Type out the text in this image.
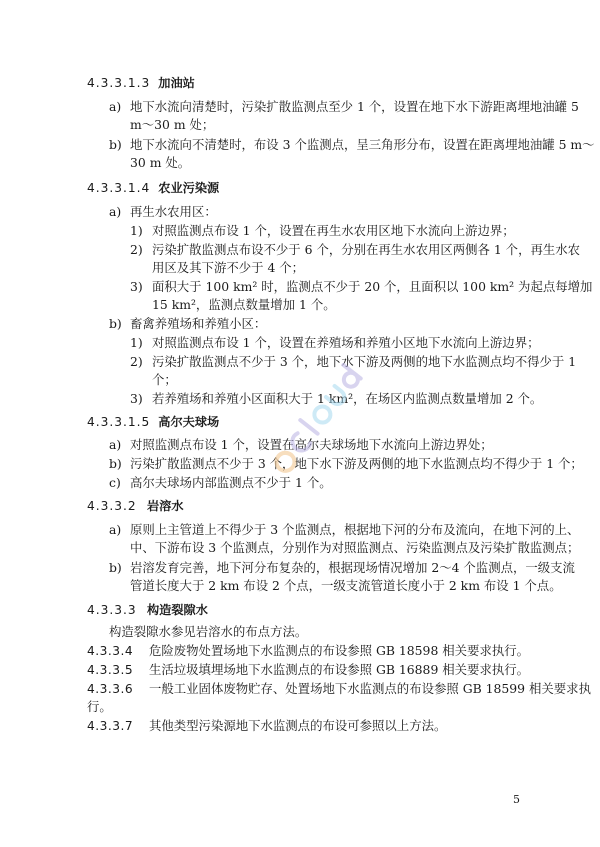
4.3.3.1.3 加油站
a) 地下水流向清楚时，污染扩散监测点至少 1 个，设置在地下水下游距离埋地油罐 5
m～30 m 处；
b) 地下水流向不清楚时，布设 3 个监测点，呈三角形分布，设置在距离埋地油罐 5 m～
30 m 处。
4.3.3.1.4 农业污染源
a) 再生水农用区：
1) 对照监测点布设 1 个，设置在再生水农用区地下水流向上游边界；
2) 污染扩散监测点布设不少于 6 个，分别在再生水农用区两侧各 1 个，再生水农
用区及其下游不少于 4 个；
3) 面积大于 100 km² 时，监测点不少于 20 个，且面积以 100 km² 为起点每增加
15 km²，监测点数量增加 1 个。
b) 畜禽养殖场和养殖小区：
1) 对照监测点布设 1 个，设置在养殖场和养殖小区地下水流向上游边界；
2) 污染扩散监测点不少于 3 个，地下水下游及两侧的地下水监测点均不得少于 1
个；
3) 若养殖场和养殖小区面积大于 1 km²，在场区内监测点数量增加 2 个。
4.3.3.1.5 高尔夫球场
a) 对照监测点布设 1 个，设置在高尔夫球场地下水流向上游边界处；
b) 污染扩散监测点不少于 3 个，地下水下游及两侧的地下水监测点均不得少于 1 个；
c) 高尔夫球场内部监测点不少于 1 个。
4.3.3.2 岩溶水
a) 原则上主管道上不得少于 3 个监测点，根据地下河的分布及流向，在地下河的上、
中、下游布设 3 个监测点，分别作为对照监测点、污染监测点及污染扩散监测点；
b) 岩溶发育完善，地下河分布复杂的，根据现场情况增加 2～4 个监测点，一级支流
管道长度大于 2 km 布设 2 个点，一级支流管道长度小于 2 km 布设 1 个点。
4.3.3.3 构造裂隙水
构造裂隙水参见岩溶水的布点方法。
4.3.3.4 危险废物处置场地下水监测点的布设参照 GB 18598 相关要求执行。
4.3.3.5 生活垃圾填埋场地下水监测点的布设参照 GB 16889 相关要求执行。
4.3.3.6 一般工业固体废物贮存、处置场地下水监测点的布设参照 GB 18599 相关要求执
行。
4.3.3.7 其他类型污染源地下水监测点的布设可参照以上方法。
5
